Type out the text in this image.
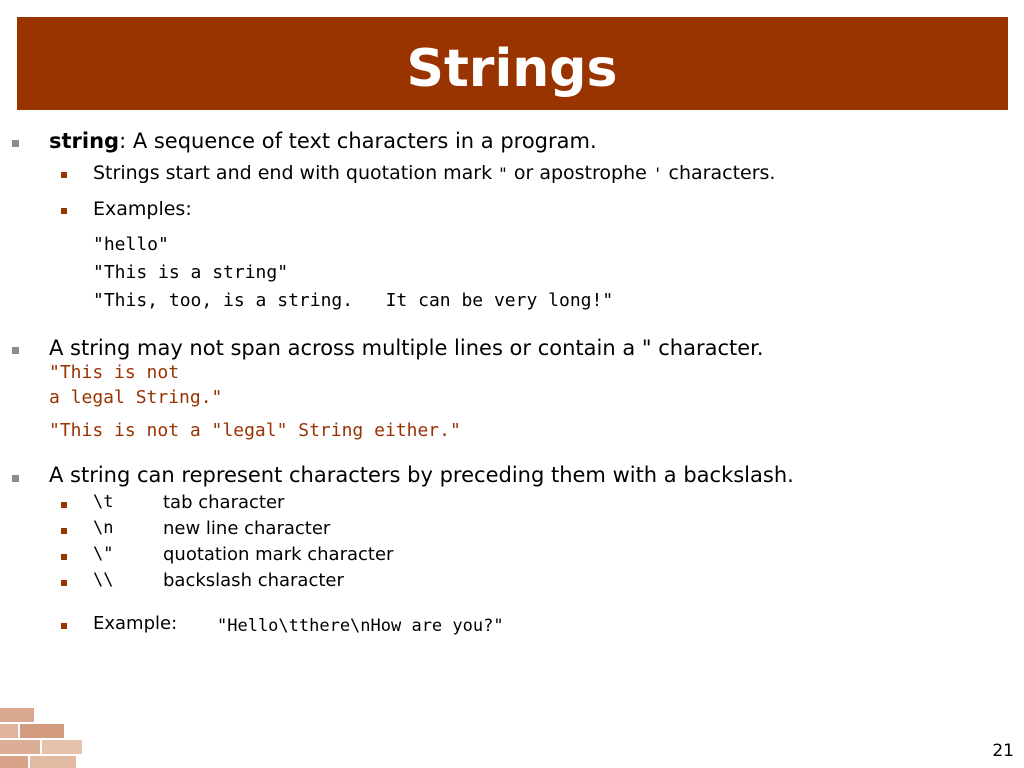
Strings
string: A sequence of text characters in a program.
Strings start and end with quotation mark " or apostrophe ' characters.
Examples:
"hello"
"This is a string"
"This, too, is a string.   It can be very long!"
A string may not span across multiple lines or contain a " character.
"This is not
a legal String."
"This is not a "legal" String either."
A string can represent characters by preceding them with a backslash.
\t	tab character
\n	new line character
\"	quotation mark character
\\	backslash character
Example: "Hello\tthere\nHow are you?"
21
